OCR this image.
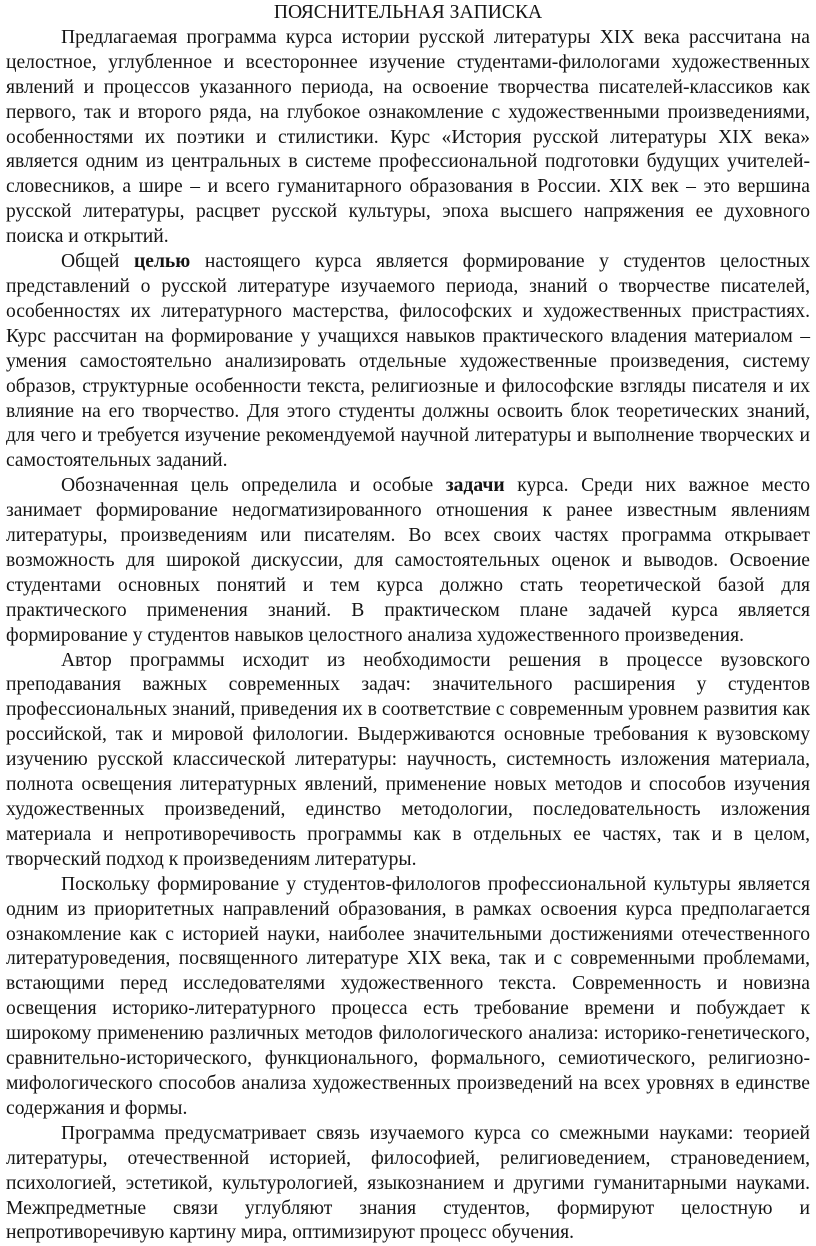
ПОЯСНИТЕЛЬНАЯ ЗАПИСКА

Предлагаемая программа курса истории русской литературы XIX века рассчитана на целостное, углубленное и всестороннее изучение студентами-филологами художественных явлений и процессов указанного периода, на освоение творчества писателей-классиков как первого, так и второго ряда, на глубокое ознакомление с художественными произведениями, особенностями их поэтики и стилистики. Курс «История русской литературы XIX века» является одним из центральных в системе профессиональной подготовки будущих учителей-словесников, а шире – и всего гуманитарного образования в России. XIX век – это вершина русской литературы, расцвет русской культуры, эпоха высшего напряжения ее духовного поиска и открытий.

Общей целью настоящего курса является формирование у студентов целостных представлений о русской литературе изучаемого периода, знаний о творчестве писателей, особенностях их литературного мастерства, философских и художественных пристрастиях. Курс рассчитан на формирование у учащихся навыков практического владения материалом – умения самостоятельно анализировать отдельные художественные произведения, систему образов, структурные особенности текста, религиозные и философские взгляды писателя и их влияние на его творчество. Для этого студенты должны освоить блок теоретических знаний, для чего и требуется изучение рекомендуемой научной литературы и выполнение творческих и самостоятельных заданий.

Обозначенная цель определила и особые задачи курса. Среди них важное место занимает формирование недогматизированного отношения к ранее известным явлениям литературы, произведениям или писателям. Во всех своих частях программа открывает возможность для широкой дискуссии, для самостоятельных оценок и выводов. Освоение студентами основных понятий и тем курса должно стать теоретической базой для практического применения знаний. В практическом плане задачей курса является формирование у студентов навыков целостного анализа художественного произведения.

Автор программы исходит из необходимости решения в процессе вузовского преподавания важных современных задач: значительного расширения у студентов профессиональных знаний, приведения их в соответствие с современным уровнем развития как российской, так и мировой филологии. Выдерживаются основные требования к вузовскому изучению русской классической литературы: научность, системность изложения материала, полнота освещения литературных явлений, применение новых методов и способов изучения художественных произведений, единство методологии, последовательность изложения материала и непротиворечивость программы как в отдельных ее частях, так и в целом, творческий подход к произведениям литературы.

Поскольку формирование у студентов-филологов профессиональной культуры является одним из приоритетных направлений образования, в рамках освоения курса предполагается ознакомление как с историей науки, наиболее значительными достижениями отечественного литературоведения, посвященного литературе XIX века, так и с современными проблемами, встающими перед исследователями художественного текста. Современность и новизна освещения историко-литературного процесса есть требование времени и побуждает к широкому применению различных методов филологического анализа: историко-генетического, сравнительно-исторического, функционального, формального, семиотического, религиозно-мифологического способов анализа художественных произведений на всех уровнях в единстве содержания и формы.

Программа предусматривает связь изучаемого курса со смежными науками: теорией литературы, отечественной историей, философией, религиоведением, страноведением, психологией, эстетикой, культурологией, языкознанием и другими гуманитарными науками. Межпредметные связи углубляют знания студентов, формируют целостную и непротиворечивую картину мира, оптимизируют процесс обучения.
